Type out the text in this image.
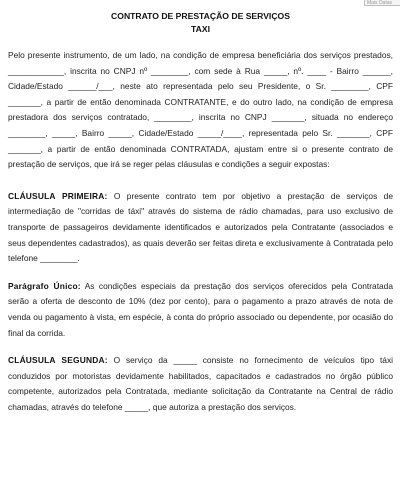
Mais Datas
CONTRATO DE PRESTAÇÃO DE SERVIÇOS
TAXI

Pelo presente instrumento, de um lado, na condição de empresa beneficiária dos serviços prestados, ____________, inscrita no CNPJ nº ________, com sede à Rua _____, nº. ____ - Bairro ______, Cidade/Estado ______/___, neste ato representada pelo seu Presidente, o Sr. ________, CPF _______, a partir de então denominada CONTRATANTE, e do outro lado, na condição de empresa prestadora dos serviços contratado, ________, inscrita no CNPJ _______, situada no endereço ________, _____, Bairro _____, Cidade/Estado _____/____, representada pelo Sr. _______, CPF _______, a partir de então denominada CONTRATADA, ajustam entre si o presente contrato de prestação de serviços, que irá se reger pelas cláusulas e condições a seguir expostas:

CLÁUSULA PRIMEIRA: O presente contrato tem por objetivo a prestação de serviços de intermediação de "corridas de táxi" através do sistema de rádio chamadas, para uso exclusivo de transporte de passageiros devidamente identificados e autorizados pela Contratante (associados e seus dependentes cadastrados), as quais deverão ser feitas direta e exclusivamente à Contratada pelo telefone ________.

Parágrafo Único: As condições especiais da prestação dos serviços oferecidos pela Contratada serão a oferta de desconto de 10% (dez por cento), para o pagamento a prazo através de nota de venda ou pagamento à vista, em espécie, à conta do próprio associado ou dependente, por ocasião do final da corrida.

CLÁUSULA SEGUNDA: O serviço da _____ consiste no fornecimento de veículos tipo táxi conduzidos por motoristas devidamente habilitados, capacitados e cadastrados no órgão público competente, autorizados pela Contratada, mediante solicitação da Contratante na Central de rádio chamadas, através do telefone _____, que autoriza a prestação dos serviços.
